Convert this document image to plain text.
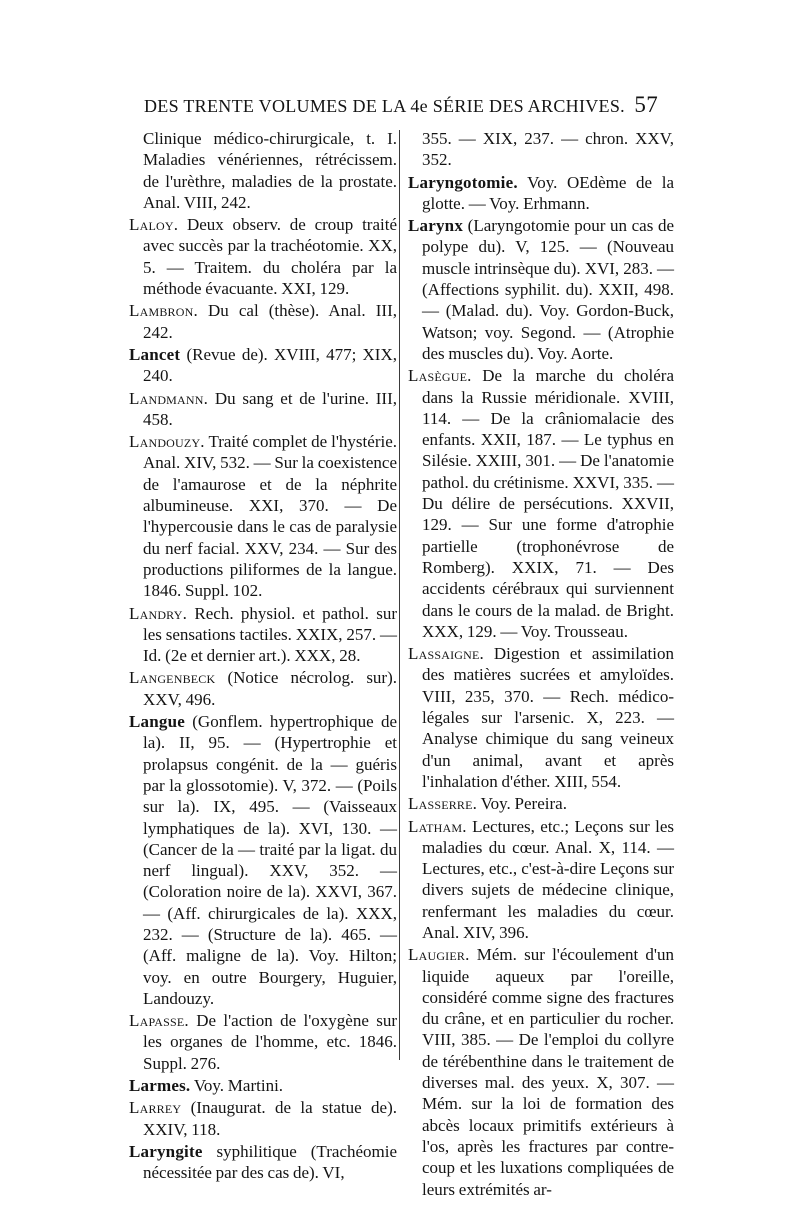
DES TRENTE VOLUMES DE LA 4e SÉRIE DES ARCHIVES. 57

Clinique médico-chirurgicale, t. I. Maladies vénériennes, rétrécissem. de l'urèthre, maladies de la prostate. Anal. VIII, 242.

Laloy. Deux observ. de croup traité avec succès par la trachéotomie. XX, 5. — Traitem. du choléra par la méthode évacuante. XXI, 129.

Lambron. Du cal (thèse). Anal. III, 242.

Lancet (Revue de). XVIII, 477; XIX, 240.

Landmann. Du sang et de l'urine. III, 458.

Landouzy. Traité complet de l'hystérie. Anal. XIV, 532. — Sur la coexistence de l'amaurose et de la néphrite albumineuse. XXI, 370. — De l'hypercousie dans le cas de paralysie du nerf facial. XXV, 234. — Sur des productions piliformes de la langue. 1846. Suppl. 102.

Landry. Rech. physiol. et pathol. sur les sensations tactiles. XXIX, 257. — Id. (2e et dernier art.). XXX, 28.

Langenbeck (Notice nécrolog. sur). XXV, 496.

Langue (Gonflem. hypertrophique de la). II, 95. — (Hypertrophie et prolapsus congénit. de la — guéris par la glossotomie). V, 372. — (Poils sur la). IX, 495. — (Vaisseaux lymphatiques de la). XVI, 130. — (Cancer de la — traité par la ligat. du nerf lingual). XXV, 352. — (Coloration noire de la). XXVI, 367. — (Aff. chirurgicales de la). XXX, 232. — (Structure de la). 465. — (Aff. maligne de la). Voy. Hilton; voy. en outre Bourgery, Huguier, Landouzy.

Lapasse. De l'action de l'oxygène sur les organes de l'homme, etc. 1846. Suppl. 276.

Larmes. Voy. Martini.

Larrey (Inaugurat. de la statue de). XXIV, 118.

Laryngite syphilitique (Trachéomie nécessitée par des cas de). VI,

355. — XIX, 237. — chron. XXV, 352.

Laryngotomie. Voy. OEdème de la glotte. — Voy. Erhmann.

Larynx (Laryngotomie pour un cas de polype du). V, 125. — (Nouveau muscle intrinsèque du). XVI, 283. — (Affections syphilit. du). XXII, 498. — (Malad. du). Voy. Gordon-Buck, Watson; voy. Segond. — (Atrophie des muscles du). Voy. Aorte.

Lasègue. De la marche du choléra dans la Russie méridionale. XVIII, 114. — De la crâniomalacie des enfants. XXII, 187. — Le typhus en Silésie. XXIII, 301. — De l'anatomie pathol. du crétinisme. XXVI, 335. — Du délire de persécutions. XXVII, 129. — Sur une forme d'atrophie partielle (trophonévrose de Romberg). XXIX, 71. — Des accidents cérébraux qui surviennent dans le cours de la malad. de Bright. XXX, 129. — Voy. Trousseau.

Lassaigne. Digestion et assimilation des matières sucrées et amyloïdes. VIII, 235, 370. — Rech. médico-légales sur l'arsenic. X, 223. — Analyse chimique du sang veineux d'un animal, avant et après l'inhalation d'éther. XIII, 554.

Lasserre. Voy. Pereira.

Latham. Lectures, etc.; Leçons sur les maladies du cœur. Anal. X, 114. — Lectures, etc., c'est-à-dire Leçons sur divers sujets de médecine clinique, renfermant les maladies du cœur. Anal. XIV, 396.

Laugier. Mém. sur l'écoulement d'un liquide aqueux par l'oreille, considéré comme signe des fractures du crâne, et en particulier du rocher. VIII, 385. — De l'emploi du collyre de térébenthine dans le traitement de diverses mal. des yeux. X, 307. — Mém. sur la loi de formation des abcès locaux primitifs extérieurs à l'os, après les fractures par contre-coup et les luxations compliquées de leurs extrémités ar-
